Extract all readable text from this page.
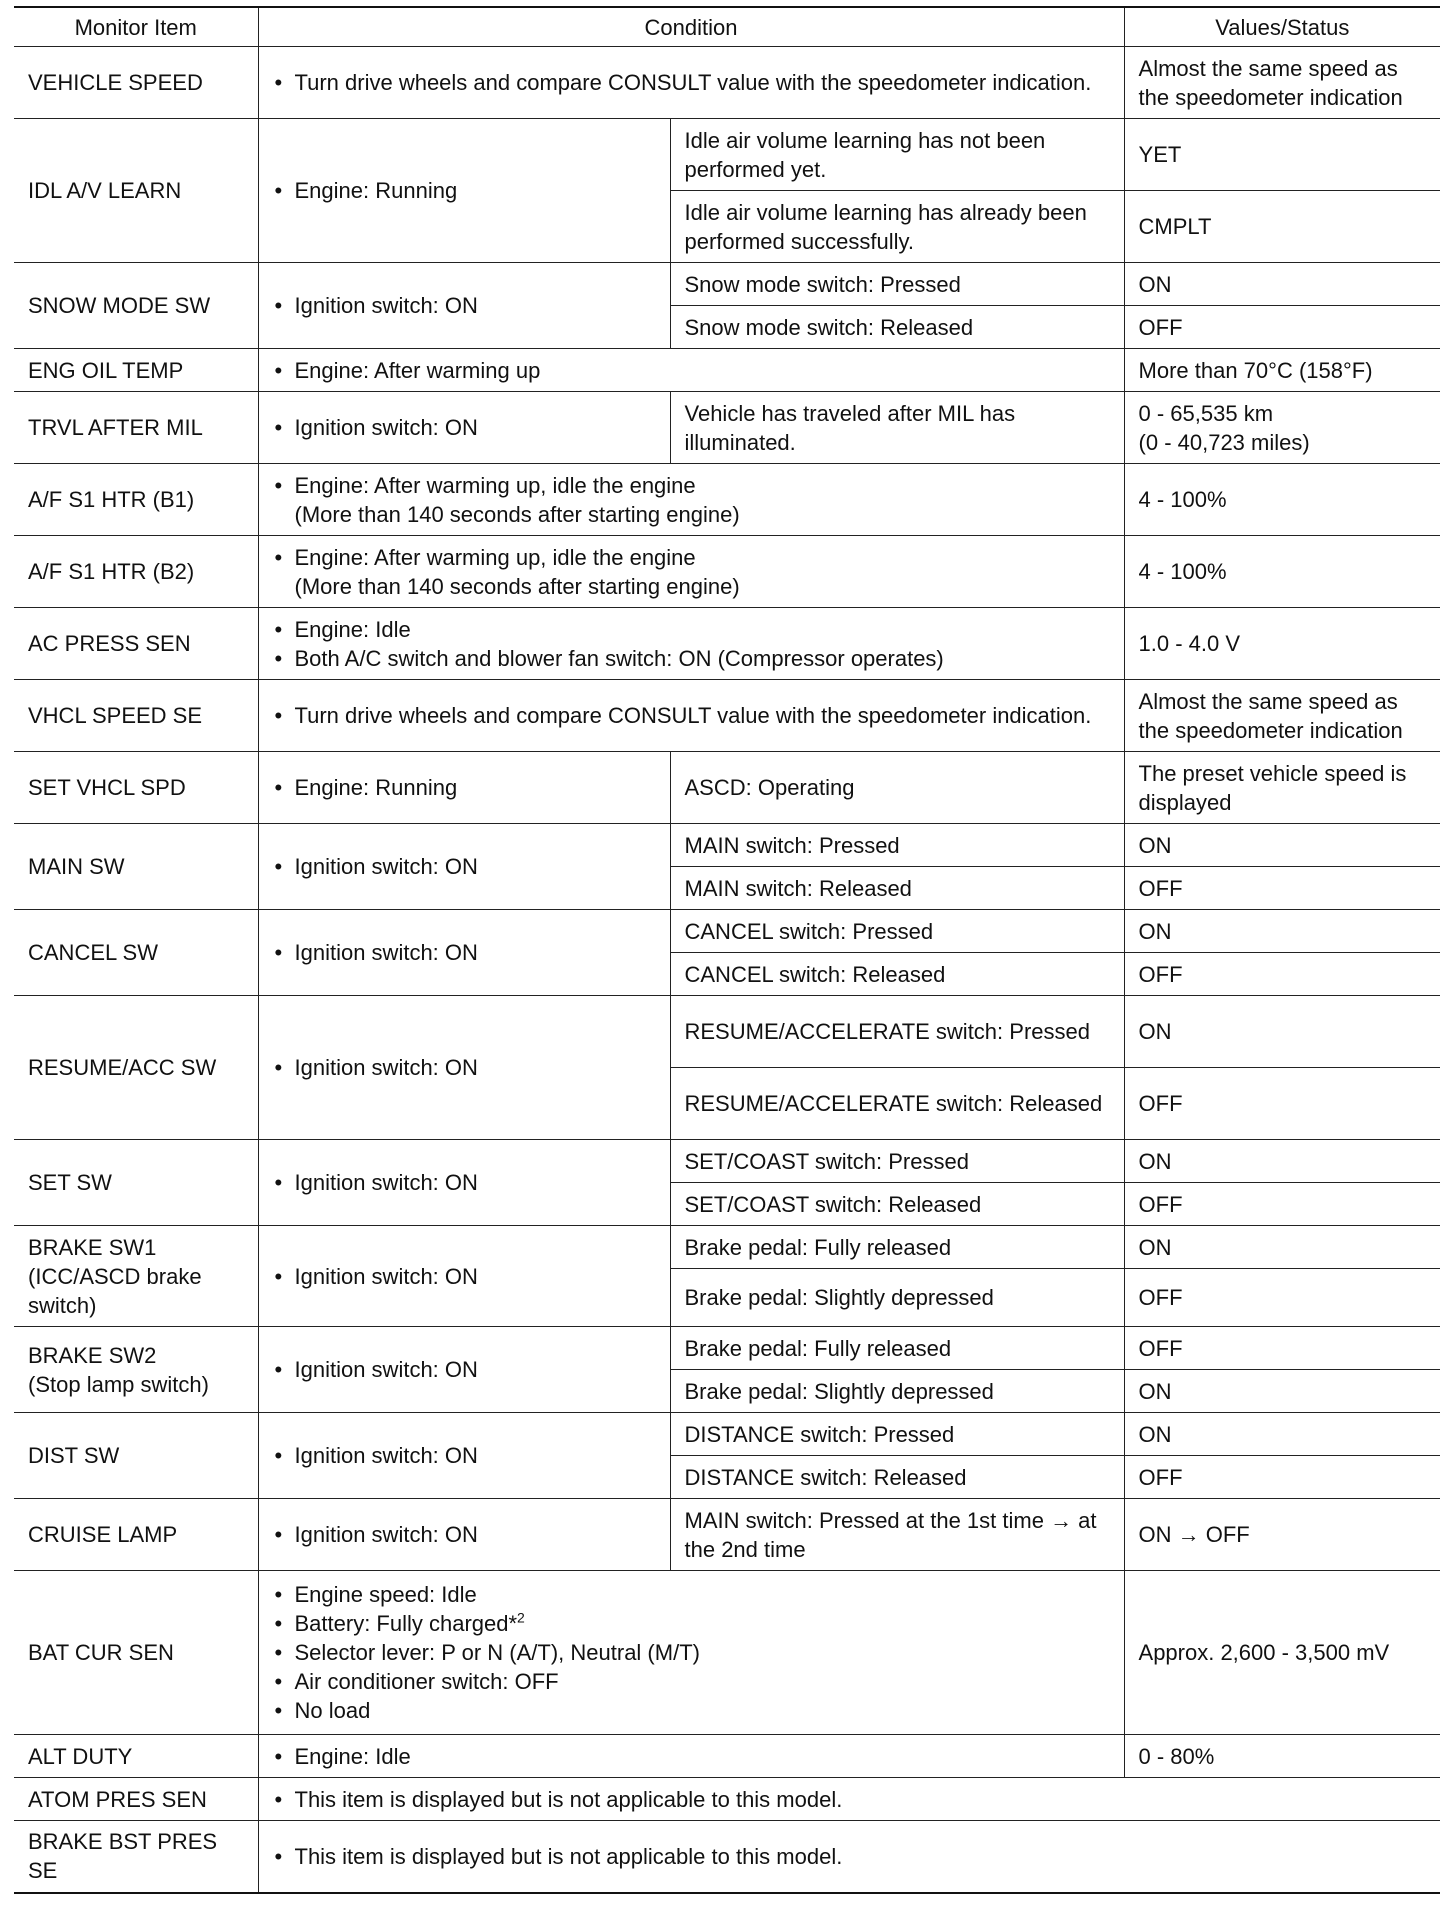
Monitor Item	Condition		Values/Status
VEHICLE SPEED	• Turn drive wheels and compare CONSULT value with the speedometer indication.		Almost the same speed as the speedometer indication
IDL A/V LEARN	• Engine: Running	Idle air volume learning has not been performed yet.	YET
		Idle air volume learning has already been performed successfully.	CMPLT
SNOW MODE SW	• Ignition switch: ON	Snow mode switch: Pressed	ON
		Snow mode switch: Released	OFF
ENG OIL TEMP	• Engine: After warming up		More than 70°C (158°F)
TRVL AFTER MIL	• Ignition switch: ON	Vehicle has traveled after MIL has illuminated.	0 - 65,535 km
(0 - 40,723 miles)

A/F S1 HTR (B1)	• Engine: After warming up, idle the engine
(More than 140 seconds after starting engine)		4 - 100%
A/F S1 HTR (B2)	• Engine: After warming up, idle the engine
(More than 140 seconds after starting engine)		4 - 100%
AC PRESS SEN	• Engine: Idle
• Both A/C switch and blower fan switch: ON (Compressor operates)		1.0 - 4.0 V
VHCL SPEED SE	• Turn drive wheels and compare CONSULT value with the speedometer indication.		Almost the same speed as the speedometer indication
SET VHCL SPD	• Engine: Running	ASCD: Operating	The preset vehicle speed is displayed
MAIN SW	• Ignition switch: ON	MAIN switch: Pressed	ON
		MAIN switch: Released	OFF
CANCEL SW	• Ignition switch: ON	CANCEL switch: Pressed	ON
		CANCEL switch: Released	OFF
RESUME/ACC SW	• Ignition switch: ON	RESUME/ACCELERATE switch: Pressed	ON
		RESUME/ACCELERATE switch: Released	OFF
SET SW	• Ignition switch: ON	SET/COAST switch: Pressed	ON
		SET/COAST switch: Released	OFF

BRAKE SW1
(ICC/ASCD brake switch)	• Ignition switch: ON	Brake pedal: Fully released	ON
		Brake pedal: Slightly depressed	OFF

BRAKE SW2
(Stop lamp switch)	• Ignition switch: ON	Brake pedal: Fully released	OFF
		Brake pedal: Slightly depressed	ON
DIST SW	• Ignition switch: ON	DISTANCE switch: Pressed	ON
		DISTANCE switch: Released	OFF
CRUISE LAMP	• Ignition switch: ON	MAIN switch: Pressed at the 1st time → at the 2nd time	ON → OFF
BAT CUR SEN	• Engine speed: Idle
• Battery: Fully charged*$^2$
• Selector lever: P or N (A/T), Neutral (M/T)
• Air conditioner switch: OFF
• No load		Approx. 2,600 - 3,500 mV
ALT DUTY	• Engine: Idle		0 - 80%
ATOM PRES SEN	• This item is displayed but is not applicable to this model.

BRAKE BST PRES SE	• This item is displayed but is not applicable to this model.
